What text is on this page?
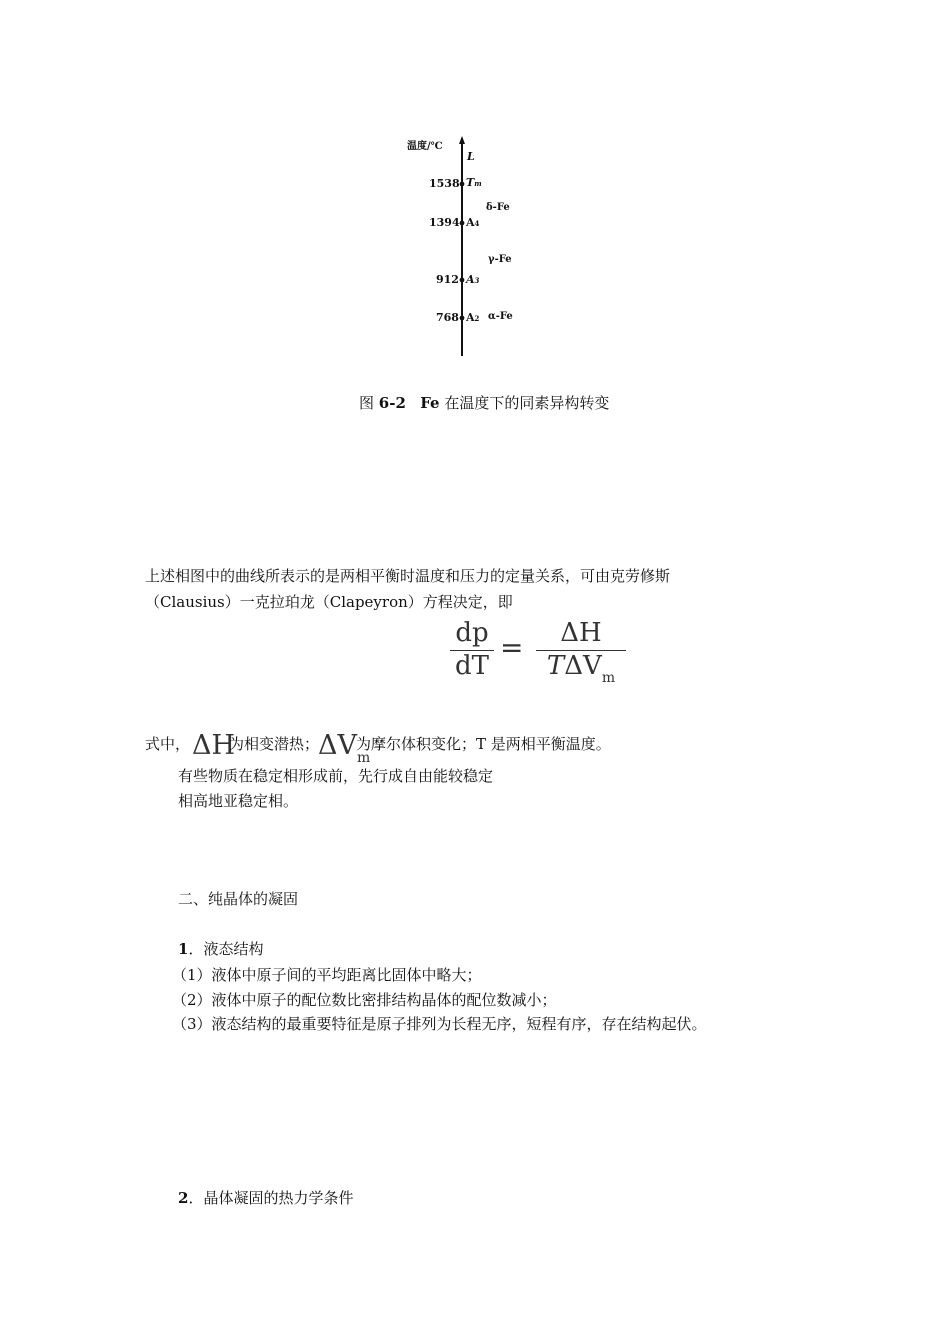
温度/℃
L
1538 Tm
δ-Fe
1394 A4
γ-Fe
912 A3
768 A2 α-Fe
图 6-2 Fe 在温度下的同素异构转变
上述相图中的曲线所表示的是两相平衡时温度和压力的定量关系，可由克劳修斯
（Clausius）一克拉珀龙（Clapeyron）方程决定，即
dp
dT
=	ΔH
$T\Delta V_m$
式中， ΔH
为相变潜热；
$\Delta V_m$
为摩尔体积变化；T 是两相平衡温度。
有些物质在稳定相形成前，先行成自由能较稳定
相高地亚稳定相。
二、纯晶体的凝固
1．液态结构
（1）液体中原子间的平均距离比固体中略大；
（2）液体中原子的配位数比密排结构晶体的配位数减小；
（3）液态结构的最重要特征是原子排列为长程无序，短程有序，存在结构起伏。
2．晶体凝固的热力学条件
